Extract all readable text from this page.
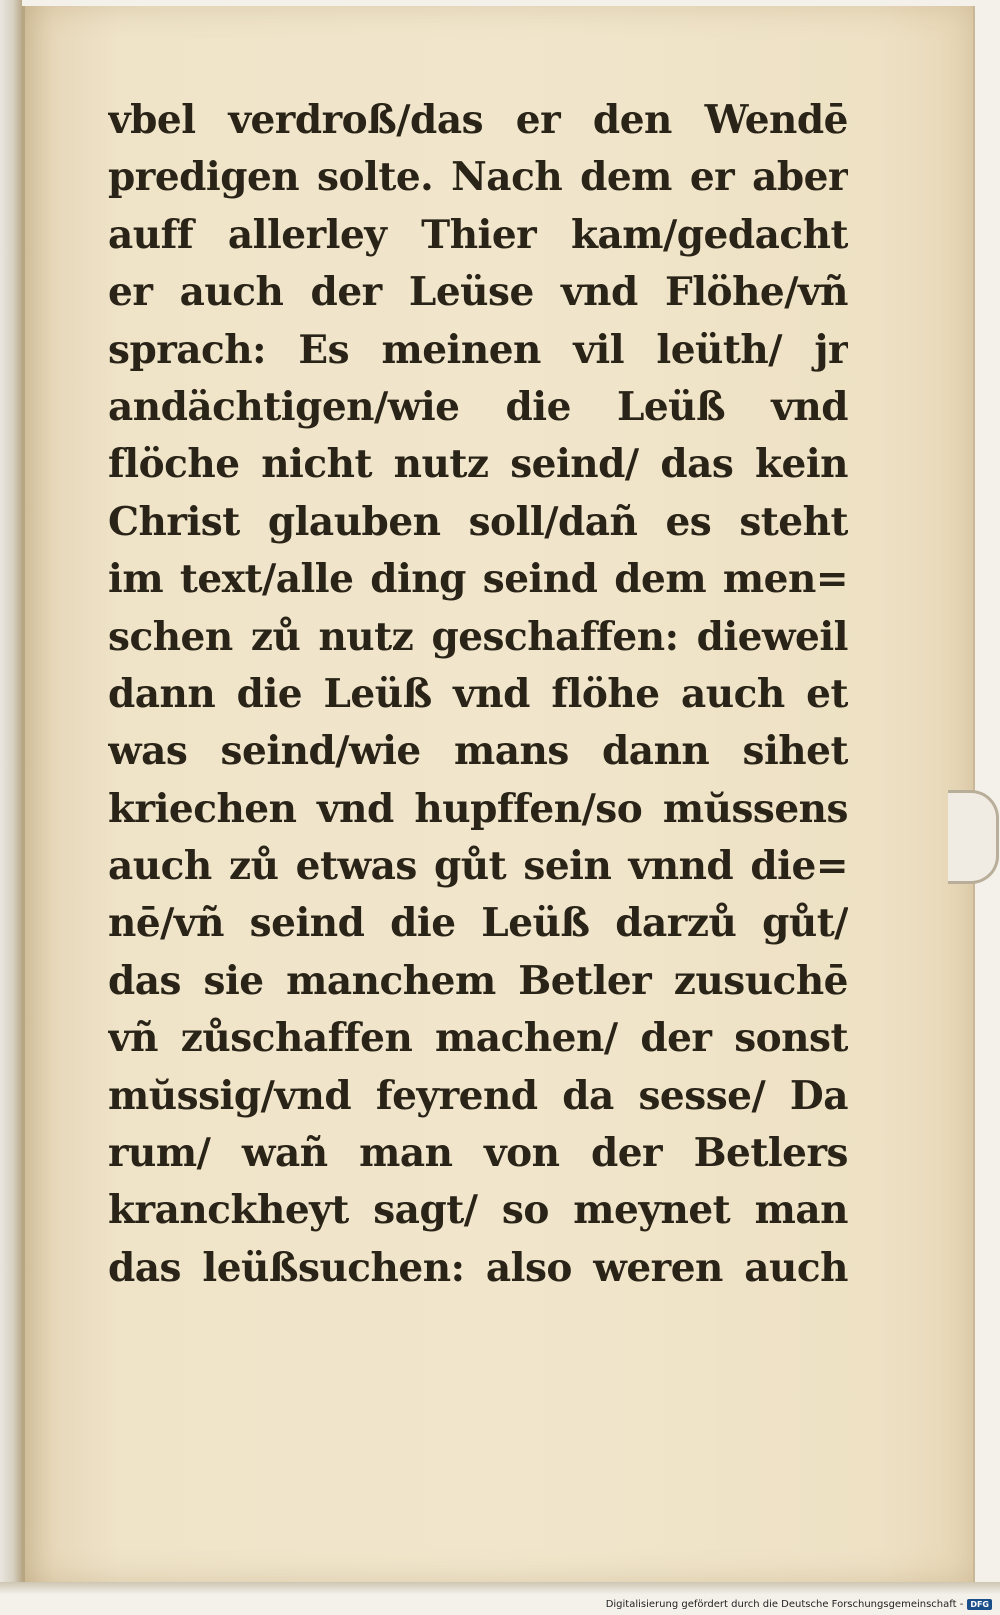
vbel verdroß/das er den Wendē
predigen solte. Nach dem er aber
auff allerley Thier kam/gedacht
er auch der Leüse vnd Flöhe/vñ
sprach: Es meinen vil leüth/ jr
andächtigen/wie die Leüß vnd
flöche nicht nutz seind/ das kein
Christ glauben soll/dañ es steht
im text/alle ding seind dem men=
schen zů nutz geschaffen: dieweil
dann die Leüß vnd flöhe auch et
was seind/wie mans dann sihet
kriechen vnd hupffen/so mŭssens
auch zů etwas gůt sein vnnd die=
nē/vñ seind die Leüß darzů gůt/
das sie manchem Betler zusuchē
vñ zůschaffen machen/ der sonst
mŭssig/vnd feyrend da sesse/ Da
rum/ wañ man von der Betlers
kranckheyt sagt/ so meynet man
das leüßsuchen: also weren auch
Digitalisierung gefördert durch die Deutsche Forschungsgemeinschaft - DFG
